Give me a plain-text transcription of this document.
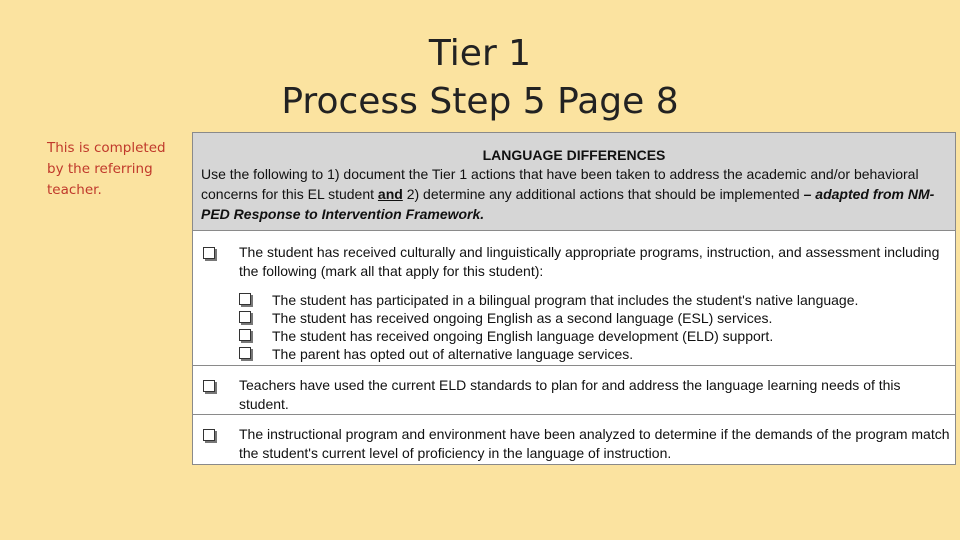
Tier 1
Process Step 5 Page 8
This is completed by the referring teacher.
LANGUAGE DIFFERENCES
Use the following to 1) document the Tier 1 actions that have been taken to address the academic and/or behavioral concerns for this EL student and 2) determine any additional actions that should be implemented – adapted from NM-PED Response to Intervention Framework.
The student has received culturally and linguistically appropriate programs, instruction, and assessment including the following (mark all that apply for this student):
The student has participated in a bilingual program that includes the student's native language.
The student has received ongoing English as a second language (ESL) services.
The student has received ongoing English language development (ELD) support.
The parent has opted out of alternative language services.
Teachers have used the current ELD standards to plan for and address the language learning needs of this student.
The instructional program and environment have been analyzed to determine if the demands of the program match the student's current level of proficiency in the language of instruction.
